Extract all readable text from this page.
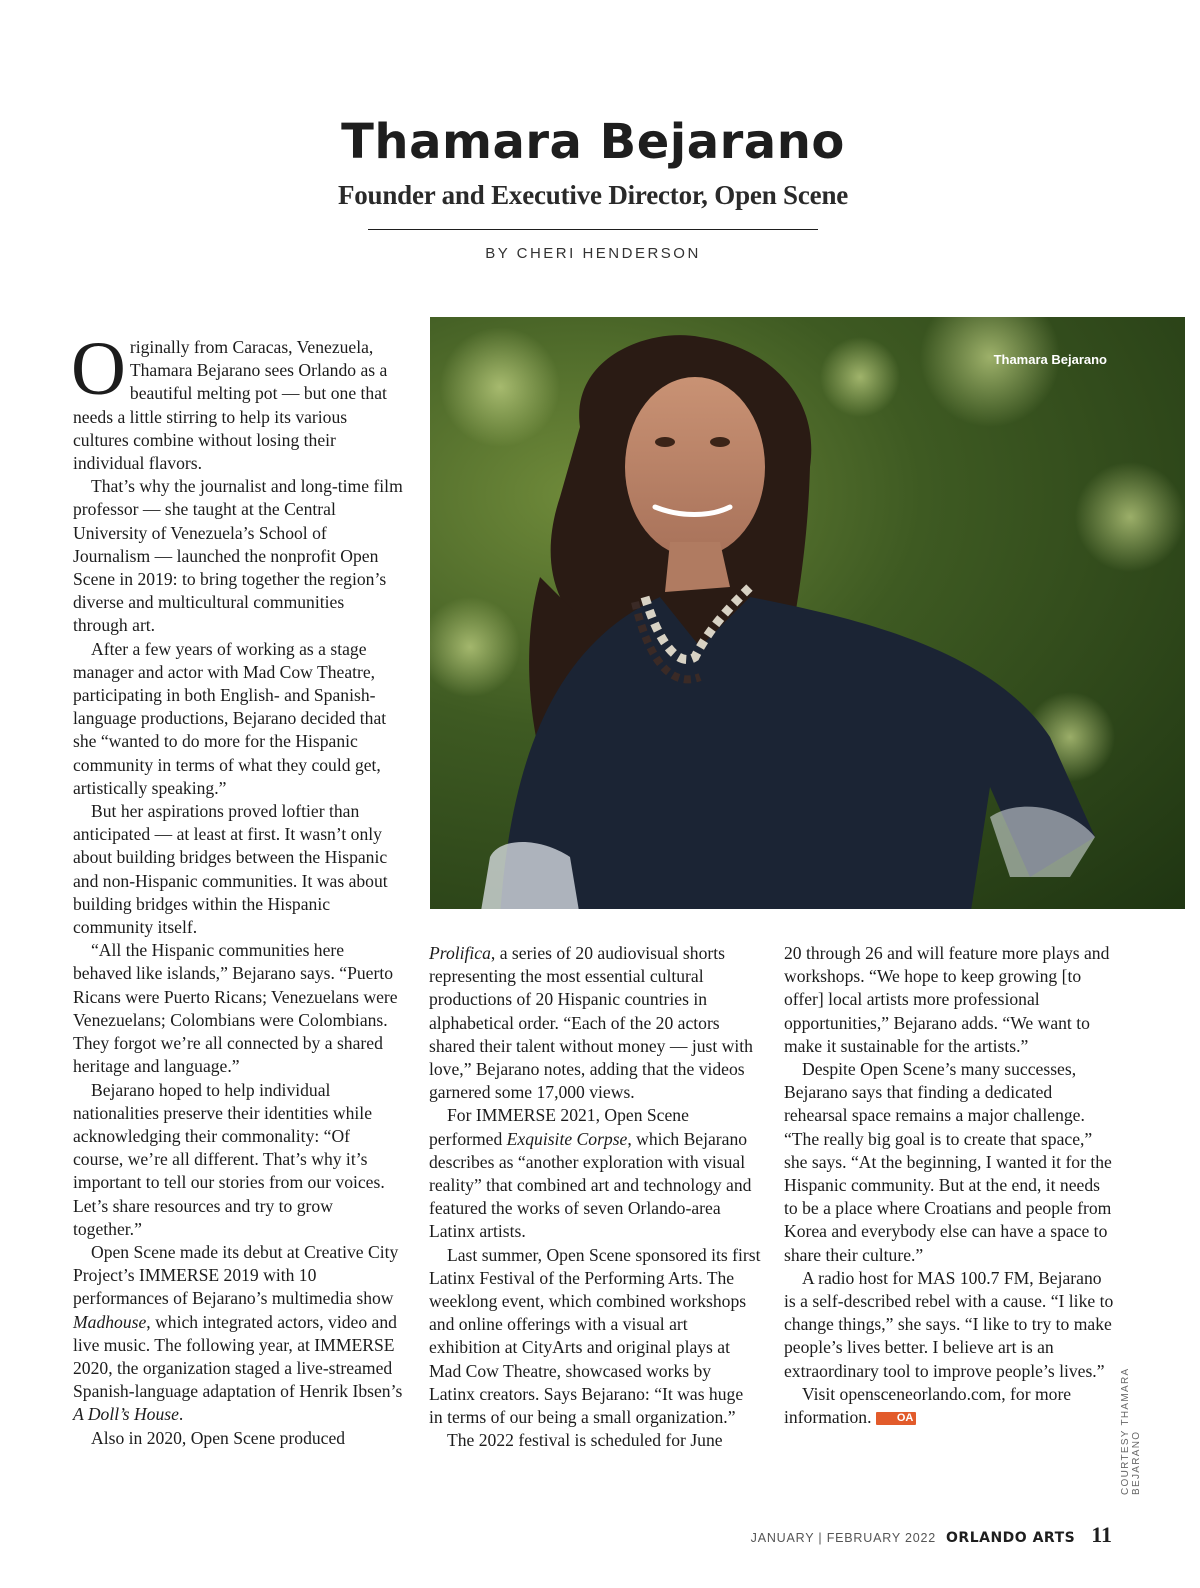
Thamara Bejarano
Founder and Executive Director, Open Scene
BY CHERI HENDERSON
Thamara Bejarano

Originally from Caracas, Venezuela, Thamara Bejarano sees Orlando as a beautiful melting pot — but one that needs a little stirring to help its various cultures combine without losing their individual flavors.

That’s why the journalist and long-time film professor — she taught at the Central University of Venezuela’s School of Journalism — launched the nonprofit Open Scene in 2019: to bring together the region’s diverse and multicultural communities through art.

After a few years of working as a stage manager and actor with Mad Cow Theatre, participating in both English- and Spanish-language productions, Bejarano decided that she “wanted to do more for the Hispanic community in terms of what they could get, artistically speaking.”

But her aspirations proved loftier than anticipated — at least at first. It wasn’t only about building bridges between the Hispanic and non-Hispanic communities. It was about building bridges within the Hispanic community itself.

“All the Hispanic communities here behaved like islands,” Bejarano says. “Puerto Ricans were Puerto Ricans; Venezuelans were Venezuelans; Colombians were Colombians. They forgot we’re all connected by a shared heritage and language.”

Bejarano hoped to help individual nationalities preserve their identities while acknowledging their commonality: “Of course, we’re all different. That’s why it’s important to tell our stories from our voices. Let’s share resources and try to grow together.”

Open Scene made its debut at Creative City Project’s IMMERSE 2019 with 10 performances of Bejarano’s multimedia show Madhouse, which integrated actors, video and live music. The following year, at IMMERSE 2020, the organization staged a live-streamed Spanish-language adaptation of Henrik Ibsen’s A Doll’s House.

Also in 2020, Open Scene produced

Prolifica, a series of 20 audiovisual shorts representing the most essential cultural productions of 20 Hispanic countries in alphabetical order. “Each of the 20 actors shared their talent without money — just with love,” Bejarano notes, adding that the videos garnered some 17,000 views.

For IMMERSE 2021, Open Scene performed Exquisite Corpse, which Bejarano describes as “another exploration with visual reality” that combined art and technology and featured the works of seven Orlando-area Latinx artists.

Last summer, Open Scene sponsored its first Latinx Festival of the Performing Arts. The weeklong event, which combined workshops and online offerings with a visual art exhibition at CityArts and original plays at Mad Cow Theatre, showcased works by Latinx creators. Says Bejarano: “It was huge in terms of our being a small organization.”

The 2022 festival is scheduled for June

20 through 26 and will feature more plays and workshops. “We hope to keep growing [to offer] local artists more professional opportunities,” Bejarano adds. “We want to make it sustainable for the artists.”

Despite Open Scene’s many successes, Bejarano says that finding a dedicated rehearsal space remains a major challenge. “The really big goal is to create that space,” she says. “At the beginning, I wanted it for the Hispanic community. But at the end, it needs to be a place where Croatians and people from Korea and everybody else can have a space to share their culture.”

A radio host for MAS 100.7 FM, Bejarano is a self-described rebel with a cause. “I like to change things,” she says. “I like to try to make people’s lives better. I believe art is an extraordinary tool to improve people’s lives.”

Visit opensceneorlando.com, for more information. OA	COURTESY THAMARA BEJARANO
JANUARY | FEBRUARY 2022 ORLANDO ARTS 11
